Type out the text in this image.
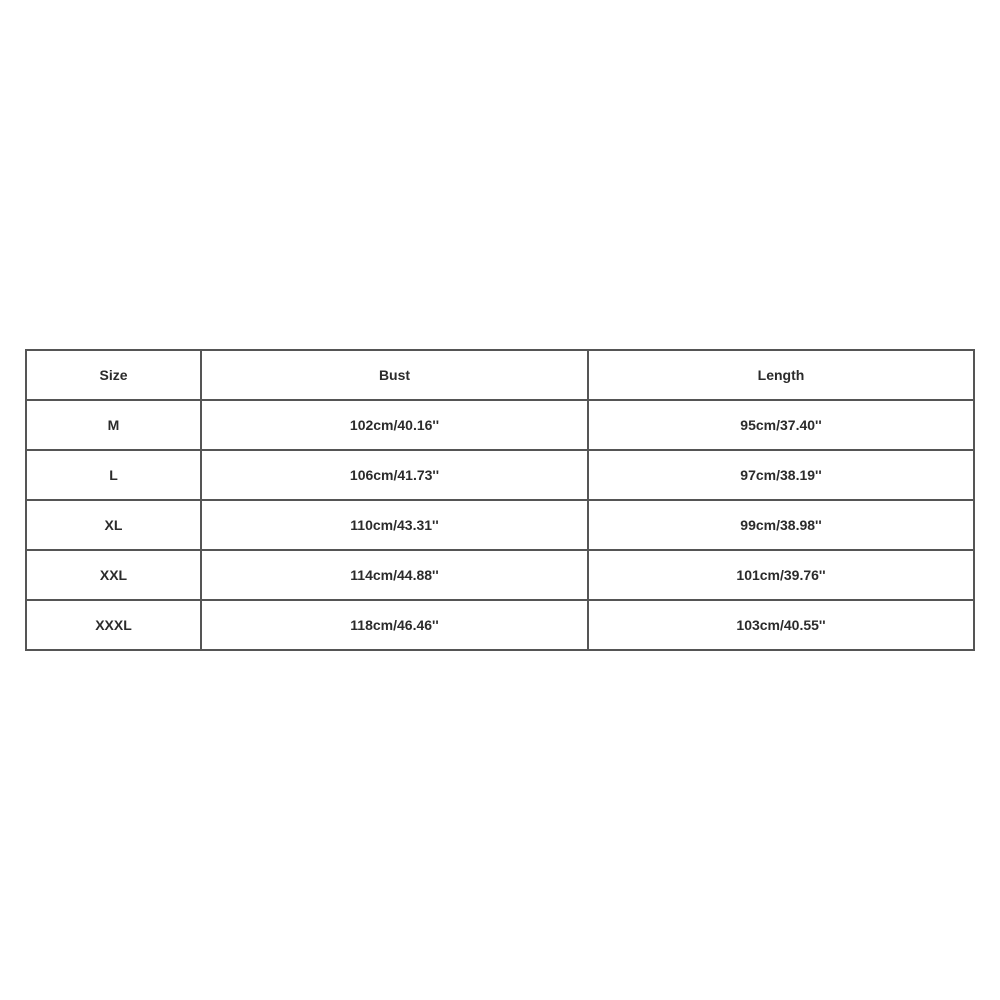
Size	Bust	Length
M	102cm/40.16''	95cm/37.40''
L	106cm/41.73''	97cm/38.19''
XL	110cm/43.31''	99cm/38.98''
XXL	114cm/44.88''	101cm/39.76''
XXXL	118cm/46.46''	103cm/40.55''
